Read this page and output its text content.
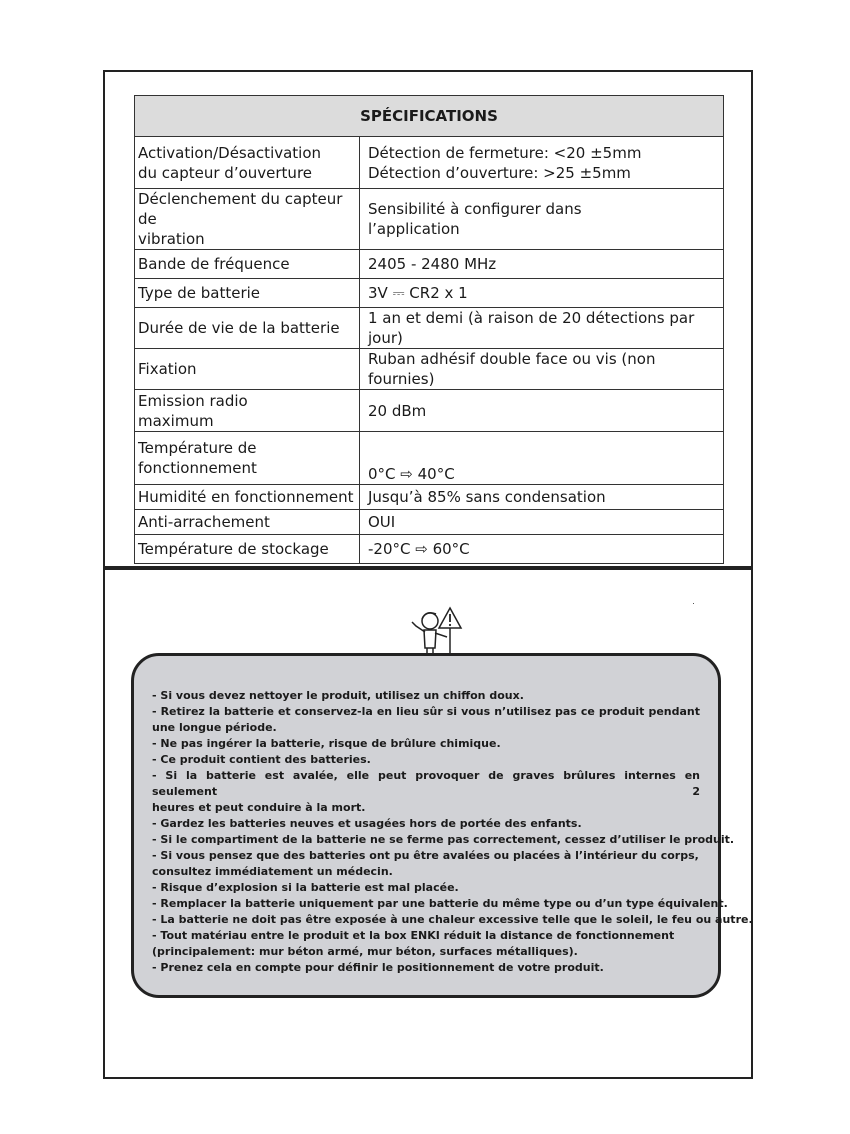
SPÉCIFICATIONS	

Activation/Désactivation
du capteur d’ouverture	Détection de fermeture: <20 ±5mm
Détection d’ouverture: >25 ±5mm

Déclenchement du capteur de
vibration	Sensibilité à configurer dans
l’application

Bande de fréquence	2405 - 2480 MHz

Type de batterie	3V ⎓ CR2 x 1

Durée de vie de la batterie	1 an et demi (à raison de 20 détections par jour)

Fixation	Ruban adhésif double face ou vis (non fournies)

Emission radio
maximum	20 dBm

Température de
fonctionnement	0°C ⇨ 40°C

Humidité en fonctionnement	Jusqu’à 85% sans condensation

Anti-arrachement	OUI

Température de stockage	-20°C ⇨ 60°C
- Si vous devez nettoyer le produit, utilisez un chiffon doux.
- Retirez la batterie et conservez-la en lieu sûr si vous n’utilisez pas ce produit pendant
une longue période.
- Ne pas ingérer la batterie, risque de brûlure chimique.
- Ce produit contient des batteries.
- Si la batterie est avalée, elle peut provoquer de graves brûlures internes en seulement 2
heures et peut conduire à la mort.
- Gardez les batteries neuves et usagées hors de portée des enfants.
- Si le compartiment de la batterie ne se ferme pas correctement, cessez d’utiliser le produit.
- Si vous pensez que des batteries ont pu être avalées ou placées à l’intérieur du corps,
consultez immédiatement un médecin.
- Risque d’explosion si la batterie est mal placée.
- Remplacer la batterie uniquement par une batterie du même type ou d’un type équivalent.
- La batterie ne doit pas être exposée à une chaleur excessive telle que le soleil, le feu ou autre.
- Tout matériau entre le produit et la box ENKI réduit la distance de fonctionnement
(principalement: mur béton armé, mur béton, surfaces métalliques).
- Prenez cela en compte pour définir le positionnement de votre produit.
